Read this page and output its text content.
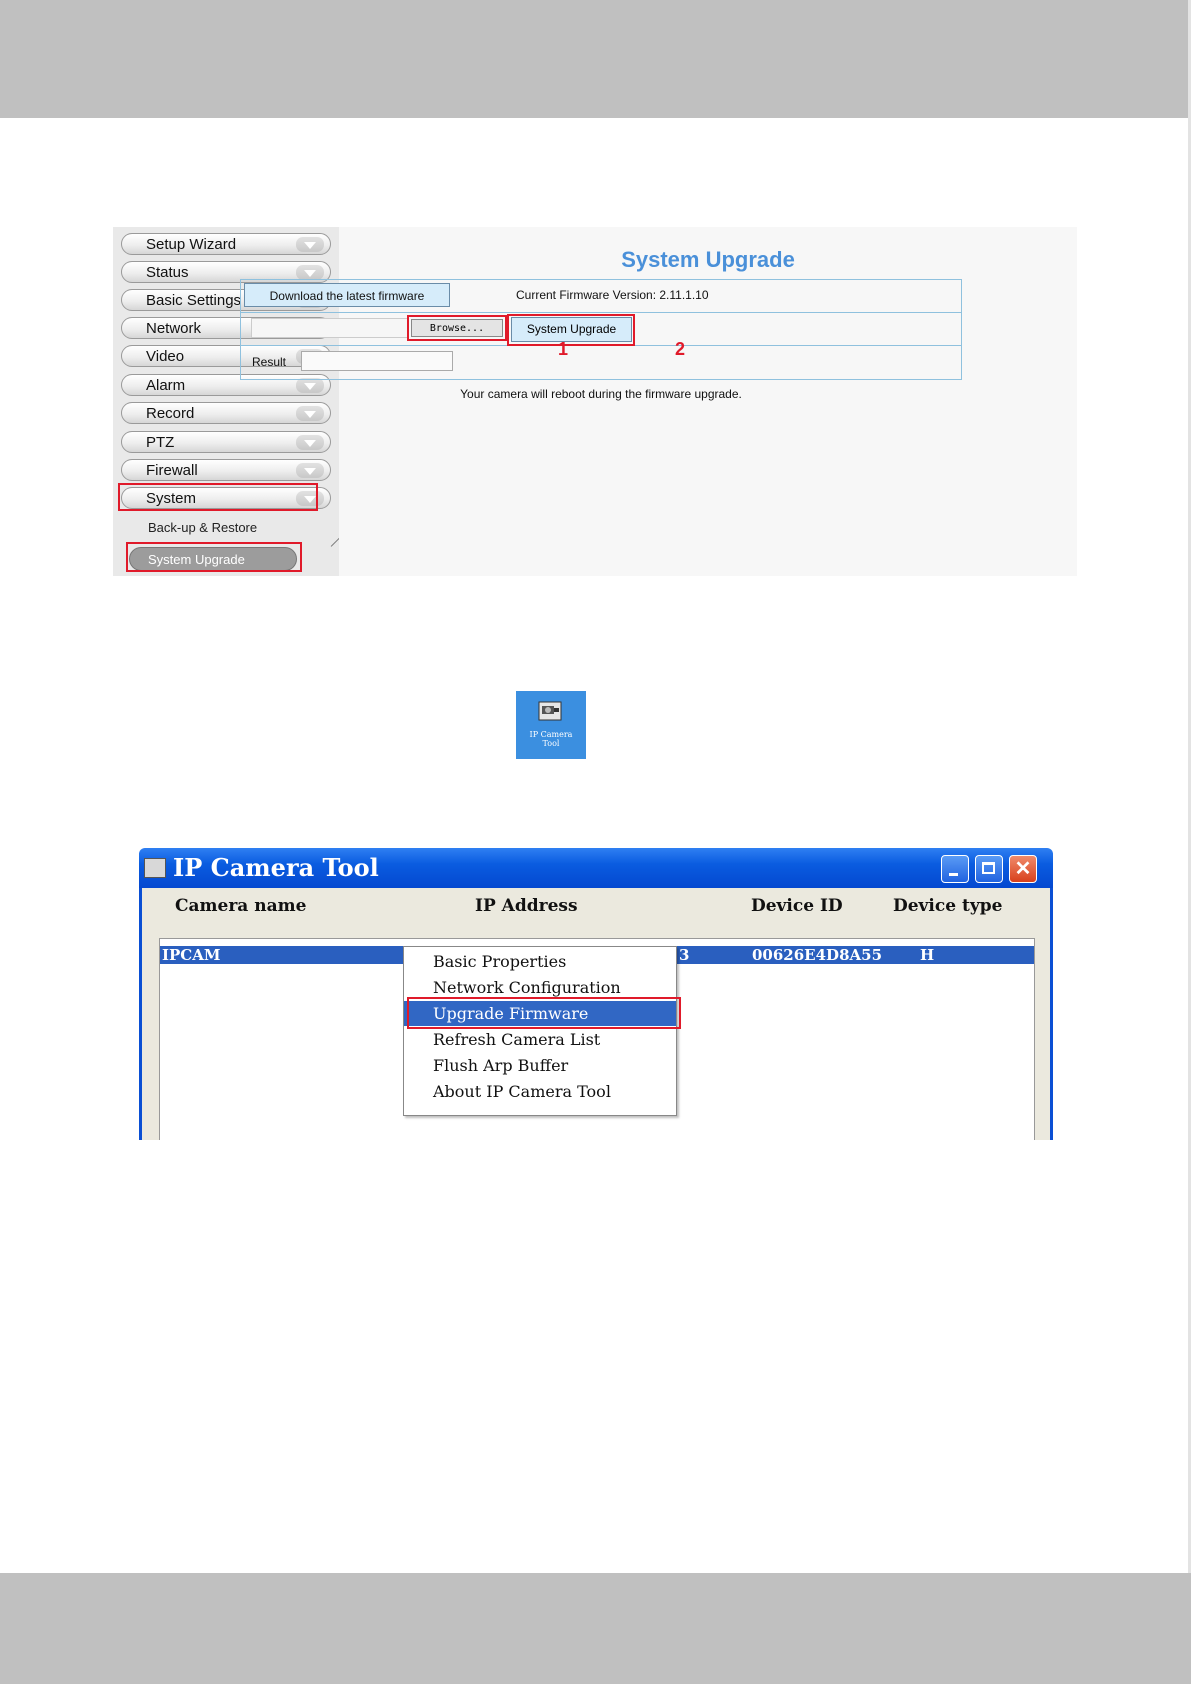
Setup Wizard
Status
Basic Settings
Network
Video
Alarm
Record
PTZ
Firewall
System
Back-up & Restore
System Upgrade
System Upgrade
Download the latest firmware	Current Firmware Version: 2.11.1.10
Browse...	System Upgrade
Result
1	2
Your camera will reboot during the firmware upgrade.
IP Camera
Tool
IP Camera Tool	✕
Camera name	IP Address	Device ID	Device type
IPCAM	3	00626E4D8A55	H
Basic Properties
Network Configuration
Upgrade Firmware
Refresh Camera List
Flush Arp Buffer
About IP Camera Tool
